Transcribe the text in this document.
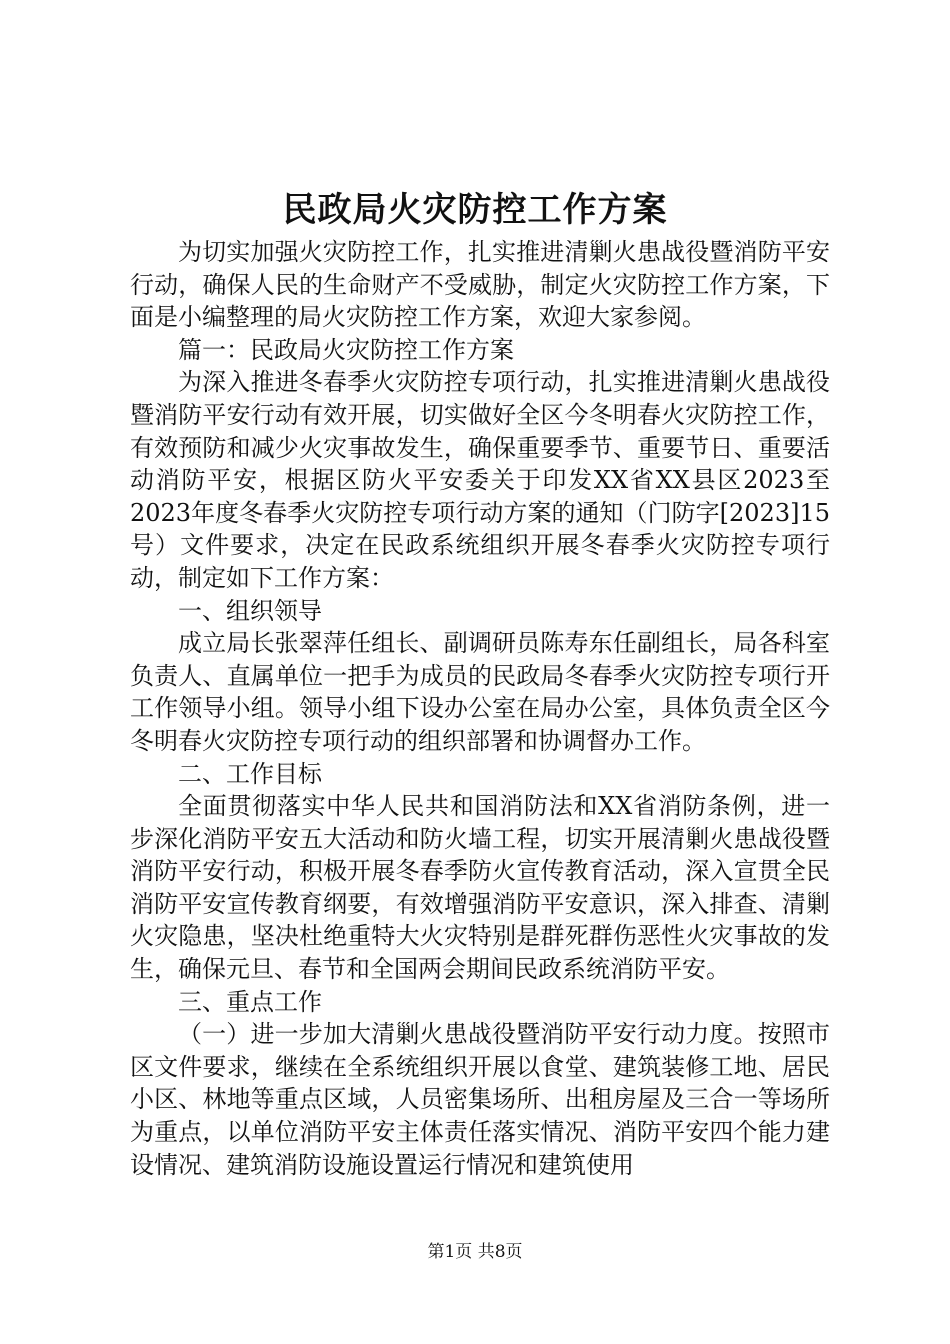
民政局火灾防控工作方案

为切实加强火灾防控工作，扎实推进清剿火患战役暨消防平安行动，确保人民的生命财产不受威胁，制定火灾防控工作方案，下面是小编整理的局火灾防控工作方案，欢迎大家参阅。

篇一：民政局火灾防控工作方案

为深入推进冬春季火灾防控专项行动，扎实推进清剿火患战役暨消防平安行动有效开展，切实做好全区今冬明春火灾防控工作，有效预防和减少火灾事故发生，确保重要季节、重要节日、重要活动消防平安，根据区防火平安委关于印发XX省XX县区2023至2023年度冬春季火灾防控专项行动方案的通知（门防字[2023]15号）文件要求，决定在民政系统组织开展冬春季火灾防控专项行动，制定如下工作方案：

一、组织领导

成立局长张翠萍任组长、副调研员陈寿东任副组长，局各科室负责人、直属单位一把手为成员的民政局冬春季火灾防控专项行开工作领导小组。领导小组下设办公室在局办公室，具体负责全区今冬明春火灾防控专项行动的组织部署和协调督办工作。

二、工作目标

全面贯彻落实中华人民共和国消防法和XX省消防条例，进一步深化消防平安五大活动和防火墙工程，切实开展清剿火患战役暨消防平安行动，积极开展冬春季防火宣传教育活动，深入宣贯全民消防平安宣传教育纲要，有效增强消防平安意识，深入排查、清剿火灾隐患，坚决杜绝重特大火灾特别是群死群伤恶性火灾事故的发生，确保元旦、春节和全国两会期间民政系统消防平安。

三、重点工作

（一）进一步加大清剿火患战役暨消防平安行动力度。按照市区文件要求，继续在全系统组织开展以食堂、建筑装修工地、居民小区、林地等重点区域，人员密集场所、出租房屋及三合一等场所为重点，以单位消防平安主体责任落实情况、消防平安四个能力建设情况、建筑消防设施设置运行情况和建筑使用

第1页 共8页
